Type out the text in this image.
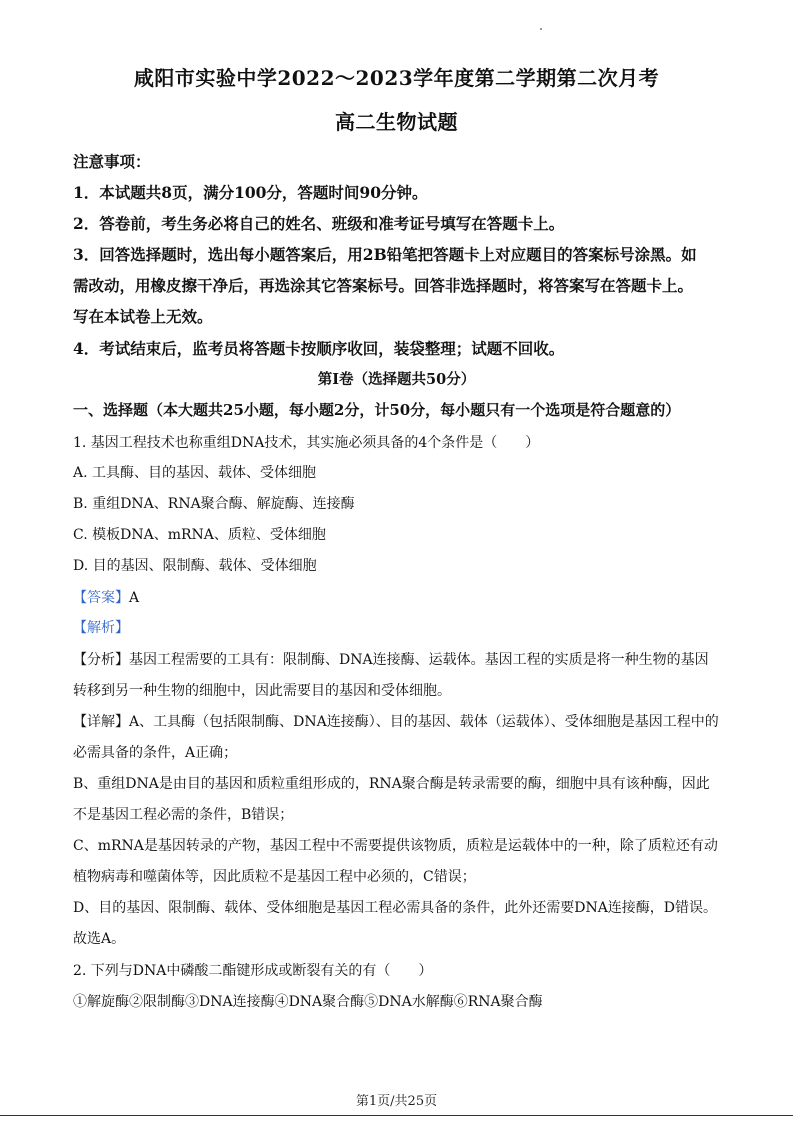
咸阳市实验中学2022～2023学年度第二学期第二次月考
高二生物试题
注意事项：
1．本试题共8页，满分100分，答题时间90分钟。
2．答卷前，考生务必将自己的姓名、班级和准考证号填写在答题卡上。
3．回答选择题时，选出每小题答案后，用2B铅笔把答题卡上对应题目的答案标号涂黑。如
需改动，用橡皮擦干净后，再选涂其它答案标号。回答非选择题时，将答案写在答题卡上。
写在本试卷上无效。
4．考试结束后，监考员将答题卡按顺序收回，装袋整理；试题不回收。
第I卷（选择题共50分）
一、选择题（本大题共25小题，每小题2分，计50分，每小题只有一个选项是符合题意的）
1. 基因工程技术也称重组DNA技术，其实施必须具备的4个条件是（　　）
A. 工具酶、目的基因、载体、受体细胞
B. 重组DNA、RNA聚合酶、解旋酶、连接酶
C. 模板DNA、mRNA、质粒、受体细胞
D. 目的基因、限制酶、载体、受体细胞
【答案】A
【解析】
【分析】基因工程需要的工具有：限制酶、DNA连接酶、运载体。基因工程的实质是将一种生物的基因
转移到另一种生物的细胞中，因此需要目的基因和受体细胞。
【详解】A、工具酶（包括限制酶、DNA连接酶）、目的基因、载体（运载体）、受体细胞是基因工程中的
必需具备的条件，A正确；
B、重组DNA是由目的基因和质粒重组形成的，RNA聚合酶是转录需要的酶，细胞中具有该种酶，因此
不是基因工程必需的条件，B错误；
C、mRNA是基因转录的产物，基因工程中不需要提供该物质，质粒是运载体中的一种，除了质粒还有动
植物病毒和噬菌体等，因此质粒不是基因工程中必须的，C错误；
D、目的基因、限制酶、载体、受体细胞是基因工程必需具备的条件，此外还需要DNA连接酶，D错误。
故选A。
2. 下列与DNA中磷酸二酯键形成或断裂有关的有（　　）
①解旋酶②限制酶③DNA连接酶④DNA聚合酶⑤DNA水解酶⑥RNA聚合酶
第1页/共25页
